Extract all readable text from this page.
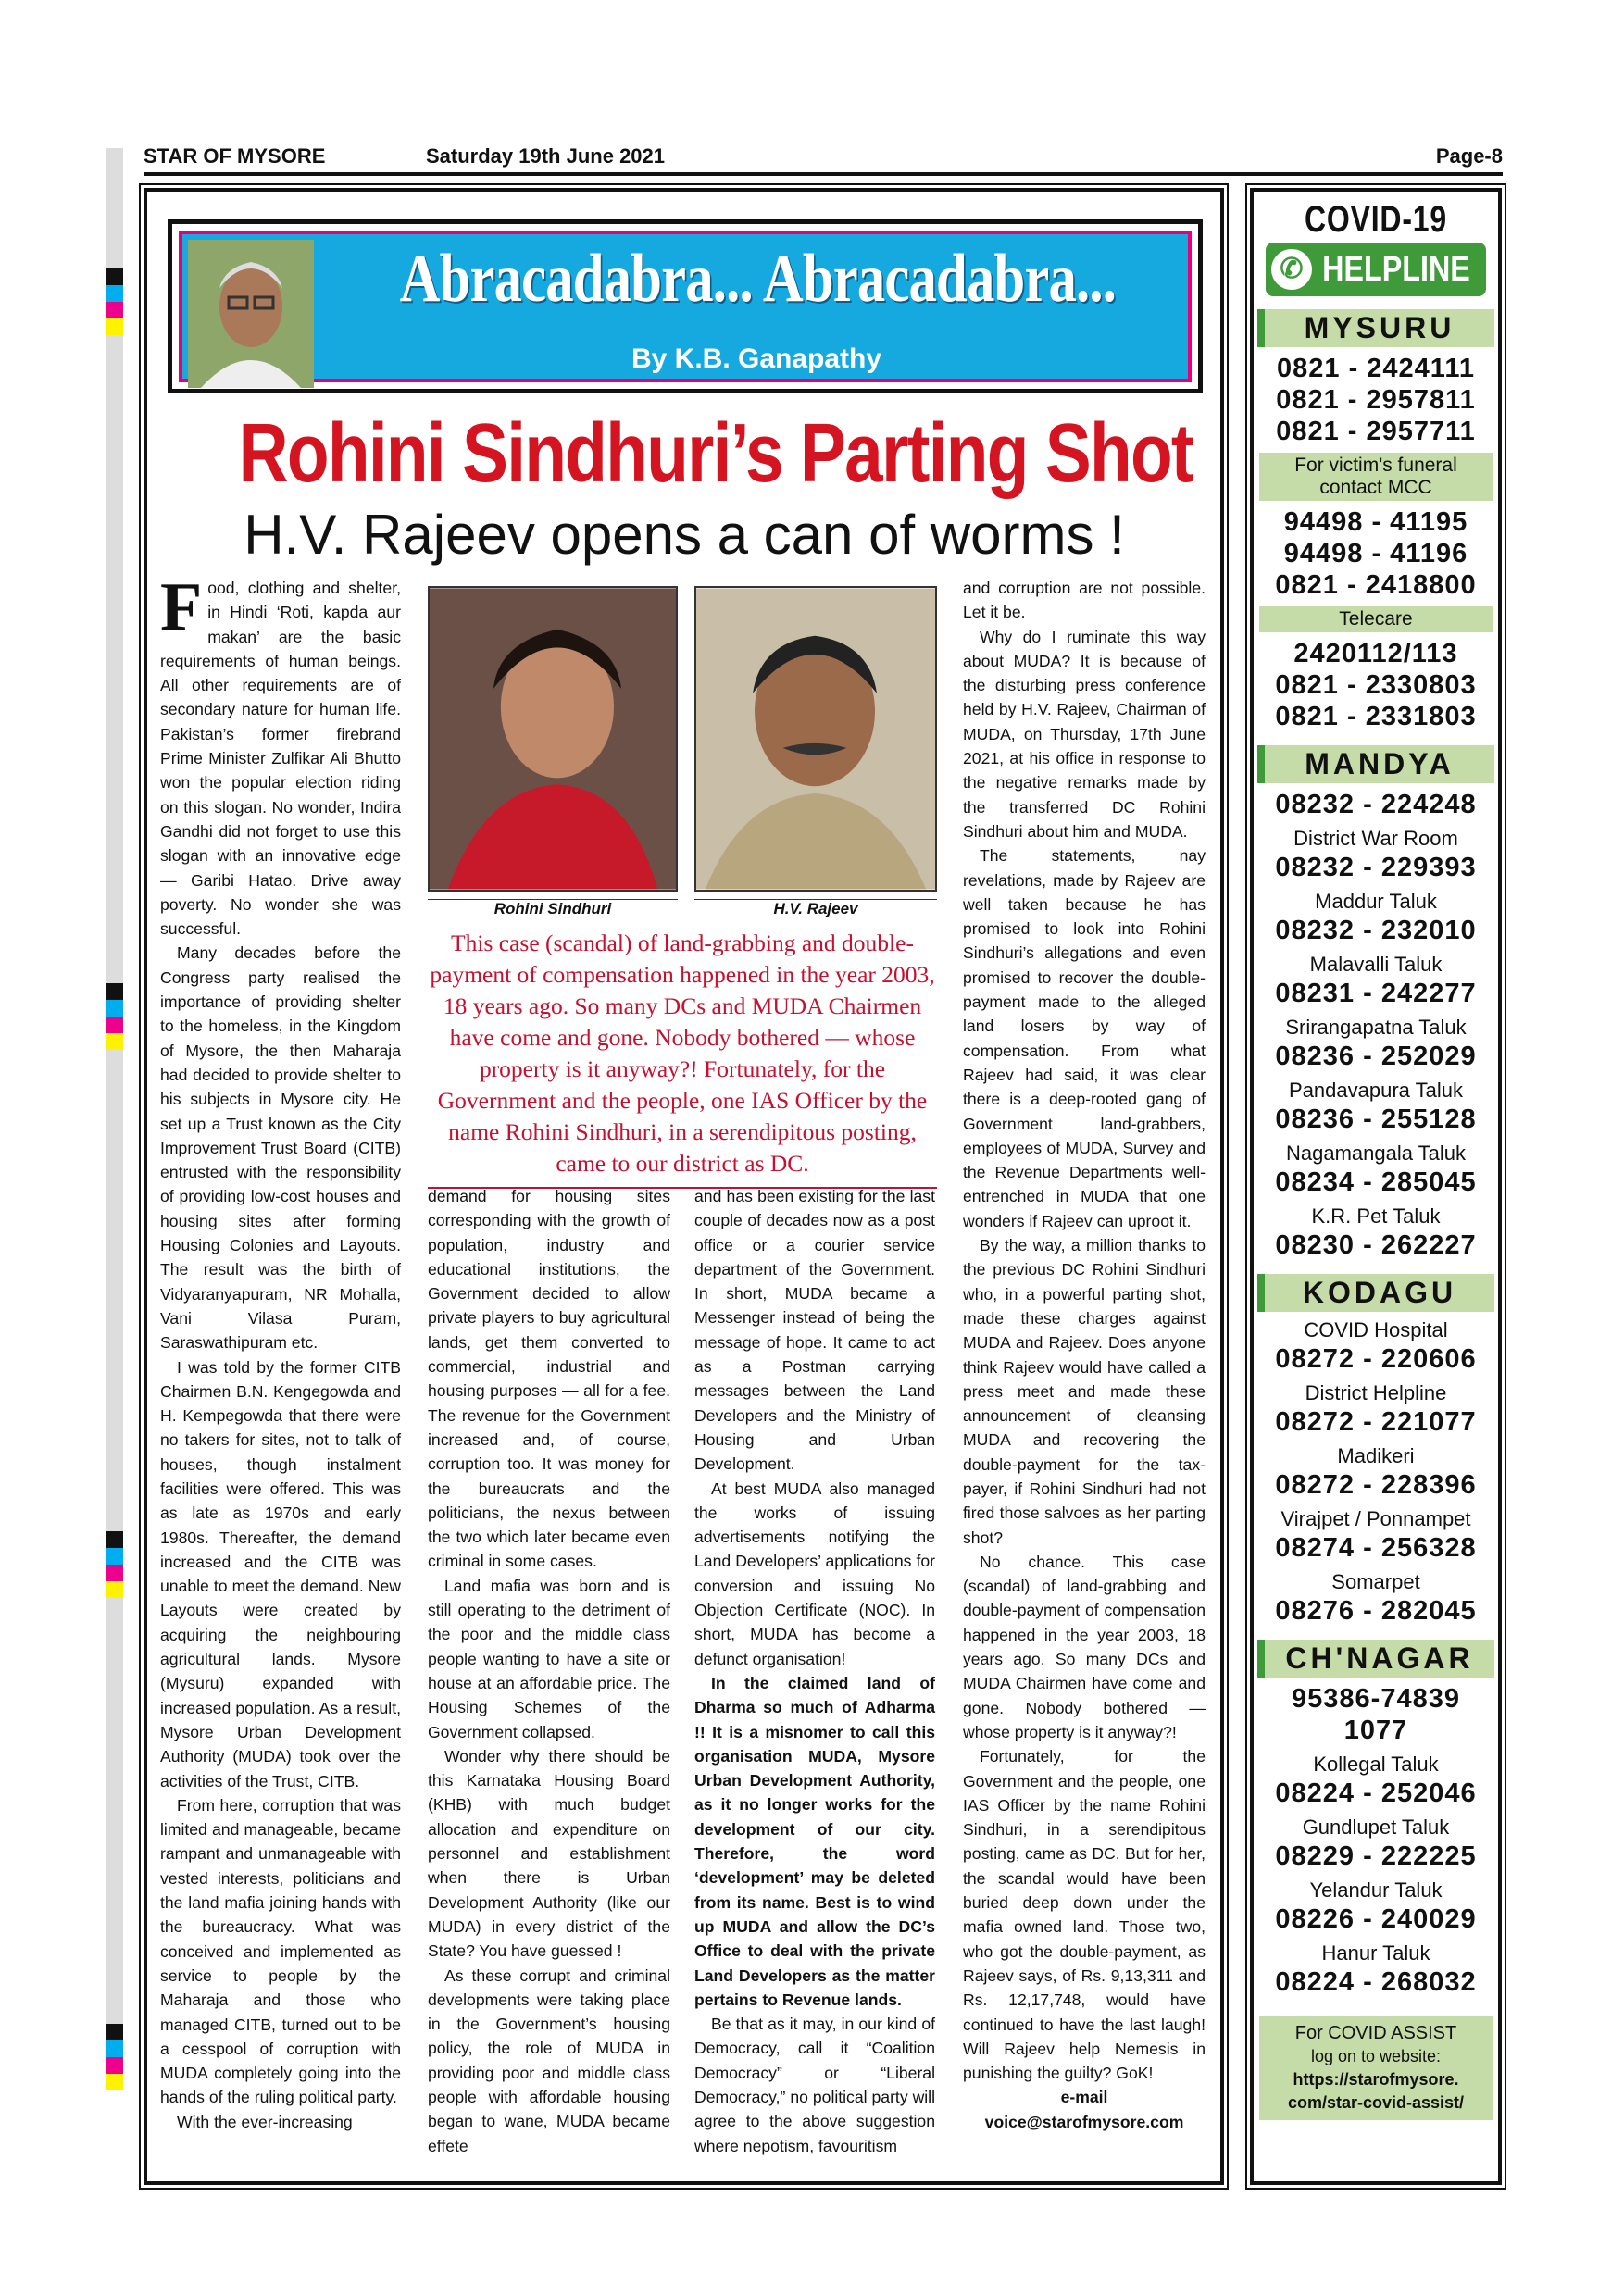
STAR OF MYSORE	Saturday 19th June 2021	Page-8
Abracadabra... Abracadabra...
By K.B. Ganapathy
Rohini Sindhuri’s Parting Shot
H.V. Rajeev opens a can of worms !

Food, clothing and shelter, in Hindi ‘Roti, kapda aur makan’ are the basic requirements of human beings. All other requirements are of secondary nature for human life. Pakistan’s former firebrand Prime Minister Zulfikar Ali Bhutto won the popular election riding on this slogan. No wonder, Indira Gandhi did not forget to use this slogan with an innovative edge — Garibi Hatao. Drive away poverty. No wonder she was successful.

Many decades before the Congress party realised the importance of providing shelter to the homeless, in the Kingdom of Mysore, the then Maharaja had decided to provide shelter to his subjects in Mysore city. He set up a Trust known as the City Improvement Trust Board (CITB) entrusted with the responsibility of providing low-cost houses and housing sites after forming Housing Colonies and Layouts. The result was the birth of Vidyaranyapuram, NR Mohalla, Vani Vilasa Puram, Saraswathipuram etc.

I was told by the former CITB Chairmen B.N. Kengegowda and H. Kempegowda that there were no takers for sites, not to talk of houses, though instalment facilities were offered. This was as late as 1970s and early 1980s. Thereafter, the demand increased and the CITB was unable to meet the demand. New Layouts were created by acquiring the neighbouring agricultural lands. Mysore (Mysuru) expanded with increased population. As a result, Mysore Urban Development Authority (MUDA) took over the activities of the Trust, CITB.

From here, corruption that was limited and manageable, became rampant and unmanageable with vested interests, politicians and the land mafia joining hands with the bureaucracy. What was conceived and implemented as service to people by the Maharaja and those who managed CITB, turned out to be a cesspool of corruption with MUDA completely going into the hands of the ruling political party.

With the ever-increasing

Rohini Sindhuri	H.V. Rajeev
This case (scandal) of land-grabbing and double-payment of compensation happened in the year 2003, 18 years ago. So many DCs and MUDA Chairmen have come and gone. Nobody bothered — whose property is it anyway?! Fortunately, for the Government and the people, one IAS Officer by the name Rohini Sindhuri, in a serendipitous posting, came to our district as DC.

demand for housing sites corresponding with the growth of population, industry and educational institutions, the Government decided to allow private players to buy agricultural lands, get them converted to commercial, industrial and housing purposes — all for a fee. The revenue for the Government increased and, of course, corruption too. It was money for the bureaucrats and the politicians, the nexus between the two which later became even criminal in some cases.

Land mafia was born and is still operating to the detriment of the poor and the middle class people wanting to have a site or house at an affordable price. The Housing Schemes of the Government collapsed.

Wonder why there should be this Karnataka Housing Board (KHB) with much budget allocation and expenditure on personnel and establishment when there is Urban Development Authority (like our MUDA) in every district of the State? You have guessed !

As these corrupt and criminal developments were taking place in the Government’s housing policy, the role of MUDA in providing poor and middle class people with affordable housing began to wane, MUDA became effete

and has been existing for the last couple of decades now as a post office or a courier service department of the Government. In short, MUDA became a Messenger instead of being the message of hope. It came to act as a Postman carrying messages between the Land Developers and the Ministry of Housing and Urban Development.

At best MUDA also managed the works of issuing advertisements notifying the Land Developers’ applications for conversion and issuing No Objection Certificate (NOC). In short, MUDA has become a defunct organisation!

In the claimed land of Dharma so much of Adharma !! It is a misnomer to call this organisation MUDA, Mysore Urban Development Authority, as it no longer works for the development of our city. Therefore, the word ‘development’ may be deleted from its name. Best is to wind up MUDA and allow the DC’s Office to deal with the private Land Developers as the matter pertains to Revenue lands.

Be that as it may, in our kind of Democracy, call it “Coalition Democracy” or “Liberal Democracy,” no political party will agree to the above suggestion where nepotism, favouritism

and corruption are not possible. Let it be.

Why do I ruminate this way about MUDA? It is because of the disturbing press conference held by H.V. Rajeev, Chairman of MUDA, on Thursday, 17th June 2021, at his office in response to the negative remarks made by the transferred DC Rohini Sindhuri about him and MUDA.

The statements, nay revelations, made by Rajeev are well taken because he has promised to look into Rohini Sindhuri’s allegations and even promised to recover the double-payment made to the alleged land losers by way of compensation. From what Rajeev had said, it was clear there is a deep-rooted gang of Government land-grabbers, employees of MUDA, Survey and the Revenue Departments well-entrenched in MUDA that one wonders if Rajeev can uproot it.

By the way, a million thanks to the previous DC Rohini Sindhuri who, in a powerful parting shot, made these charges against MUDA and Rajeev. Does anyone think Rajeev would have called a press meet and made these announcement of cleansing MUDA and recovering the double-payment for the tax-payer, if Rohini Sindhuri had not fired those salvoes as her parting shot?

No chance. This case (scandal) of land-grabbing and double-payment of compensation happened in the year 2003, 18 years ago. So many DCs and MUDA Chairmen have come and gone. Nobody bothered — whose property is it anyway?!

Fortunately, for the Government and the people, one IAS Officer by the name Rohini Sindhuri, in a serendipitous posting, came as DC. But for her, the scandal would have been buried deep down under the mafia owned land. Those two, who got the double-payment, as Rajeev says, of Rs. 9,13,311 and Rs. 12,17,748, would have continued to have the last laugh! Will Rajeev help Nemesis in punishing the guilty? GoK!

e-mail

voice@starofmysore.com

COVID-19
✆ HELPLINE
MYSURU
0821 - 2424111
0821 - 2957811
0821 - 2957711
For victim's funeral contact MCC
94498 - 41195
94498 - 41196
0821 - 2418800
Telecare
2420112/113
0821 - 2330803
0821 - 2331803
MANDYA
08232 - 224248
District War Room
08232 - 229393
Maddur Taluk
08232 - 232010
Malavalli Taluk
08231 - 242277
Srirangapatna Taluk
08236 - 252029
Pandavapura Taluk
08236 - 255128
Nagamangala Taluk
08234 - 285045
K.R. Pet Taluk
08230 - 262227
KODAGU
COVID Hospital
08272 - 220606
District Helpline
08272 - 221077
Madikeri
08272 - 228396
Virajpet / Ponnampet
08274 - 256328
Somarpet
08276 - 282045
CH'NAGAR
95386-74839
1077
Kollegal Taluk
08224 - 252046
Gundlupet Taluk
08229 - 222225
Yelandur Taluk
08226 - 240029
Hanur Taluk
08224 - 268032
For COVID ASSIST
log on to website:
https://starofmysore.
com/star-covid-assist/
